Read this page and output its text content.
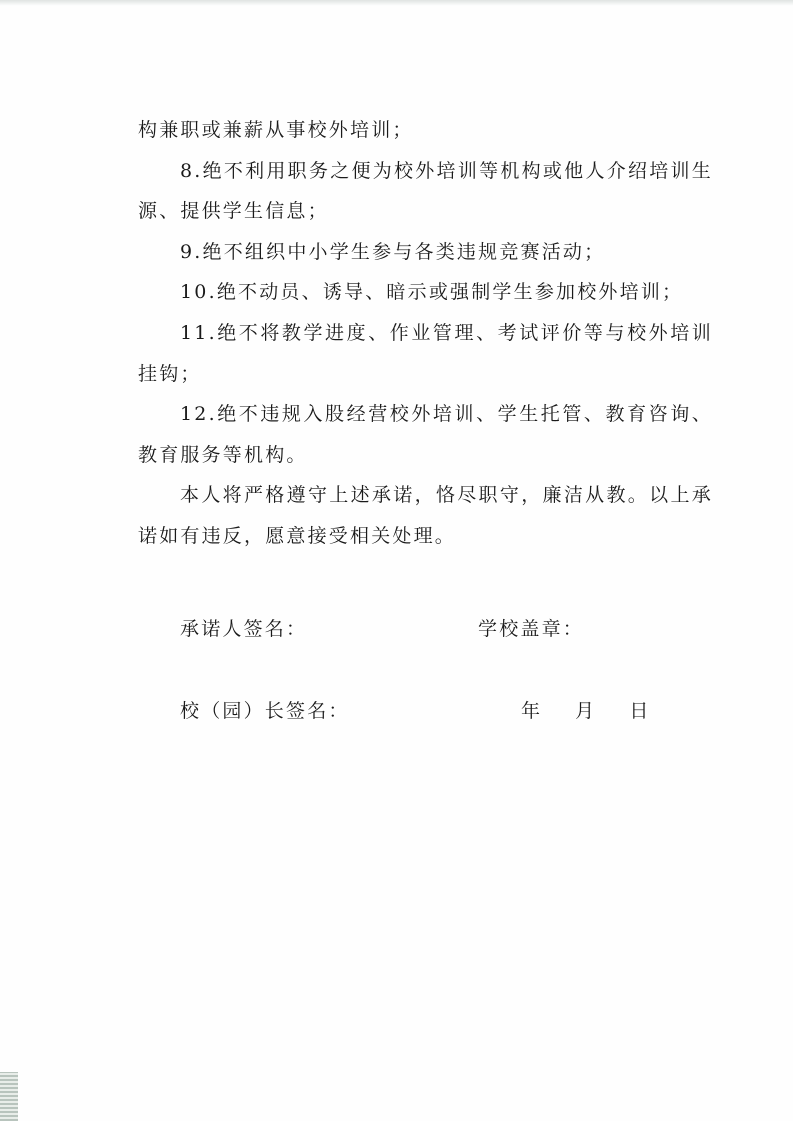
构兼职或兼薪从事校外培训；

8.绝不利用职务之便为校外培训等机构或他人介绍培训生源、提供学生信息；

9.绝不组织中小学生参与各类违规竞赛活动；

10.绝不动员、诱导、暗示或强制学生参加校外培训；

11.绝不将教学进度、作业管理、考试评价等与校外培训挂钩；

12.绝不违规入股经营校外培训、学生托管、教育咨询、教育服务等机构。

本人将严格遵守上述承诺，恪尽职守，廉洁从教。以上承诺如有违反，愿意接受相关处理。

承诺人签名：	学校盖章：
校（园）长签名：	年    月    日
